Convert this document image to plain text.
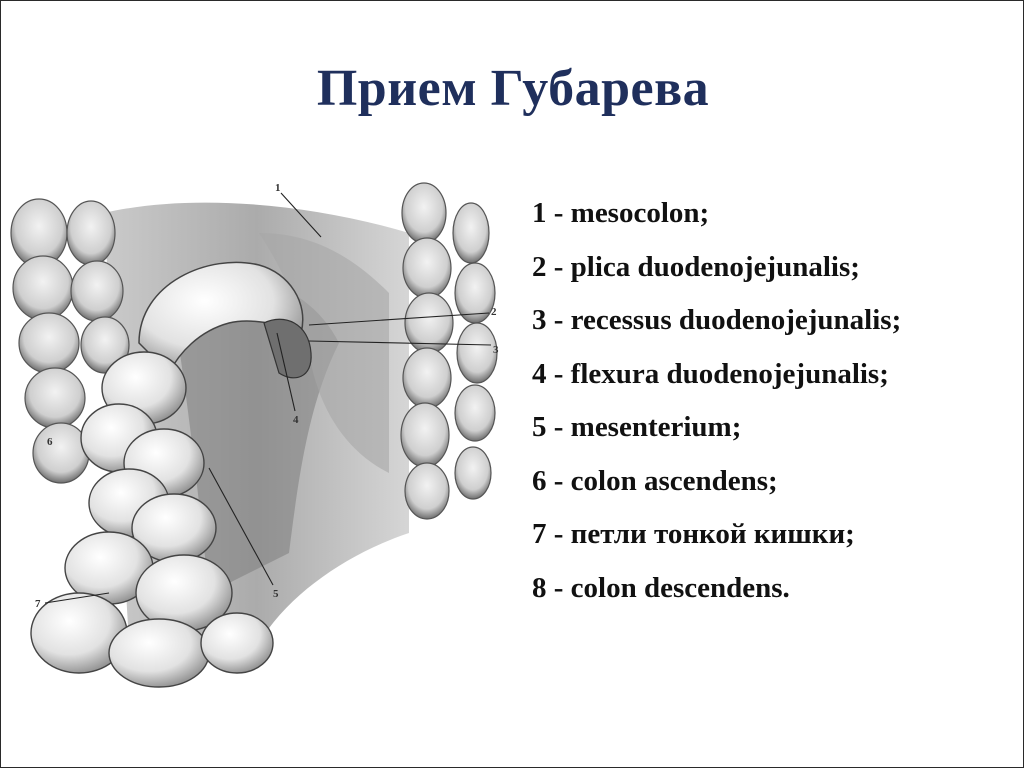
Прием Губарева
1
2
3
4
5
6
7
1 - mesocolon;
2 - plica duodenojejunalis;
3 - recessus duodenojejunalis;
4 - flexura duodenojejunalis;
5 - mesenterium;
6 - colon ascendens;
7 - петли тонкой кишки;
8 - colon descendens.
